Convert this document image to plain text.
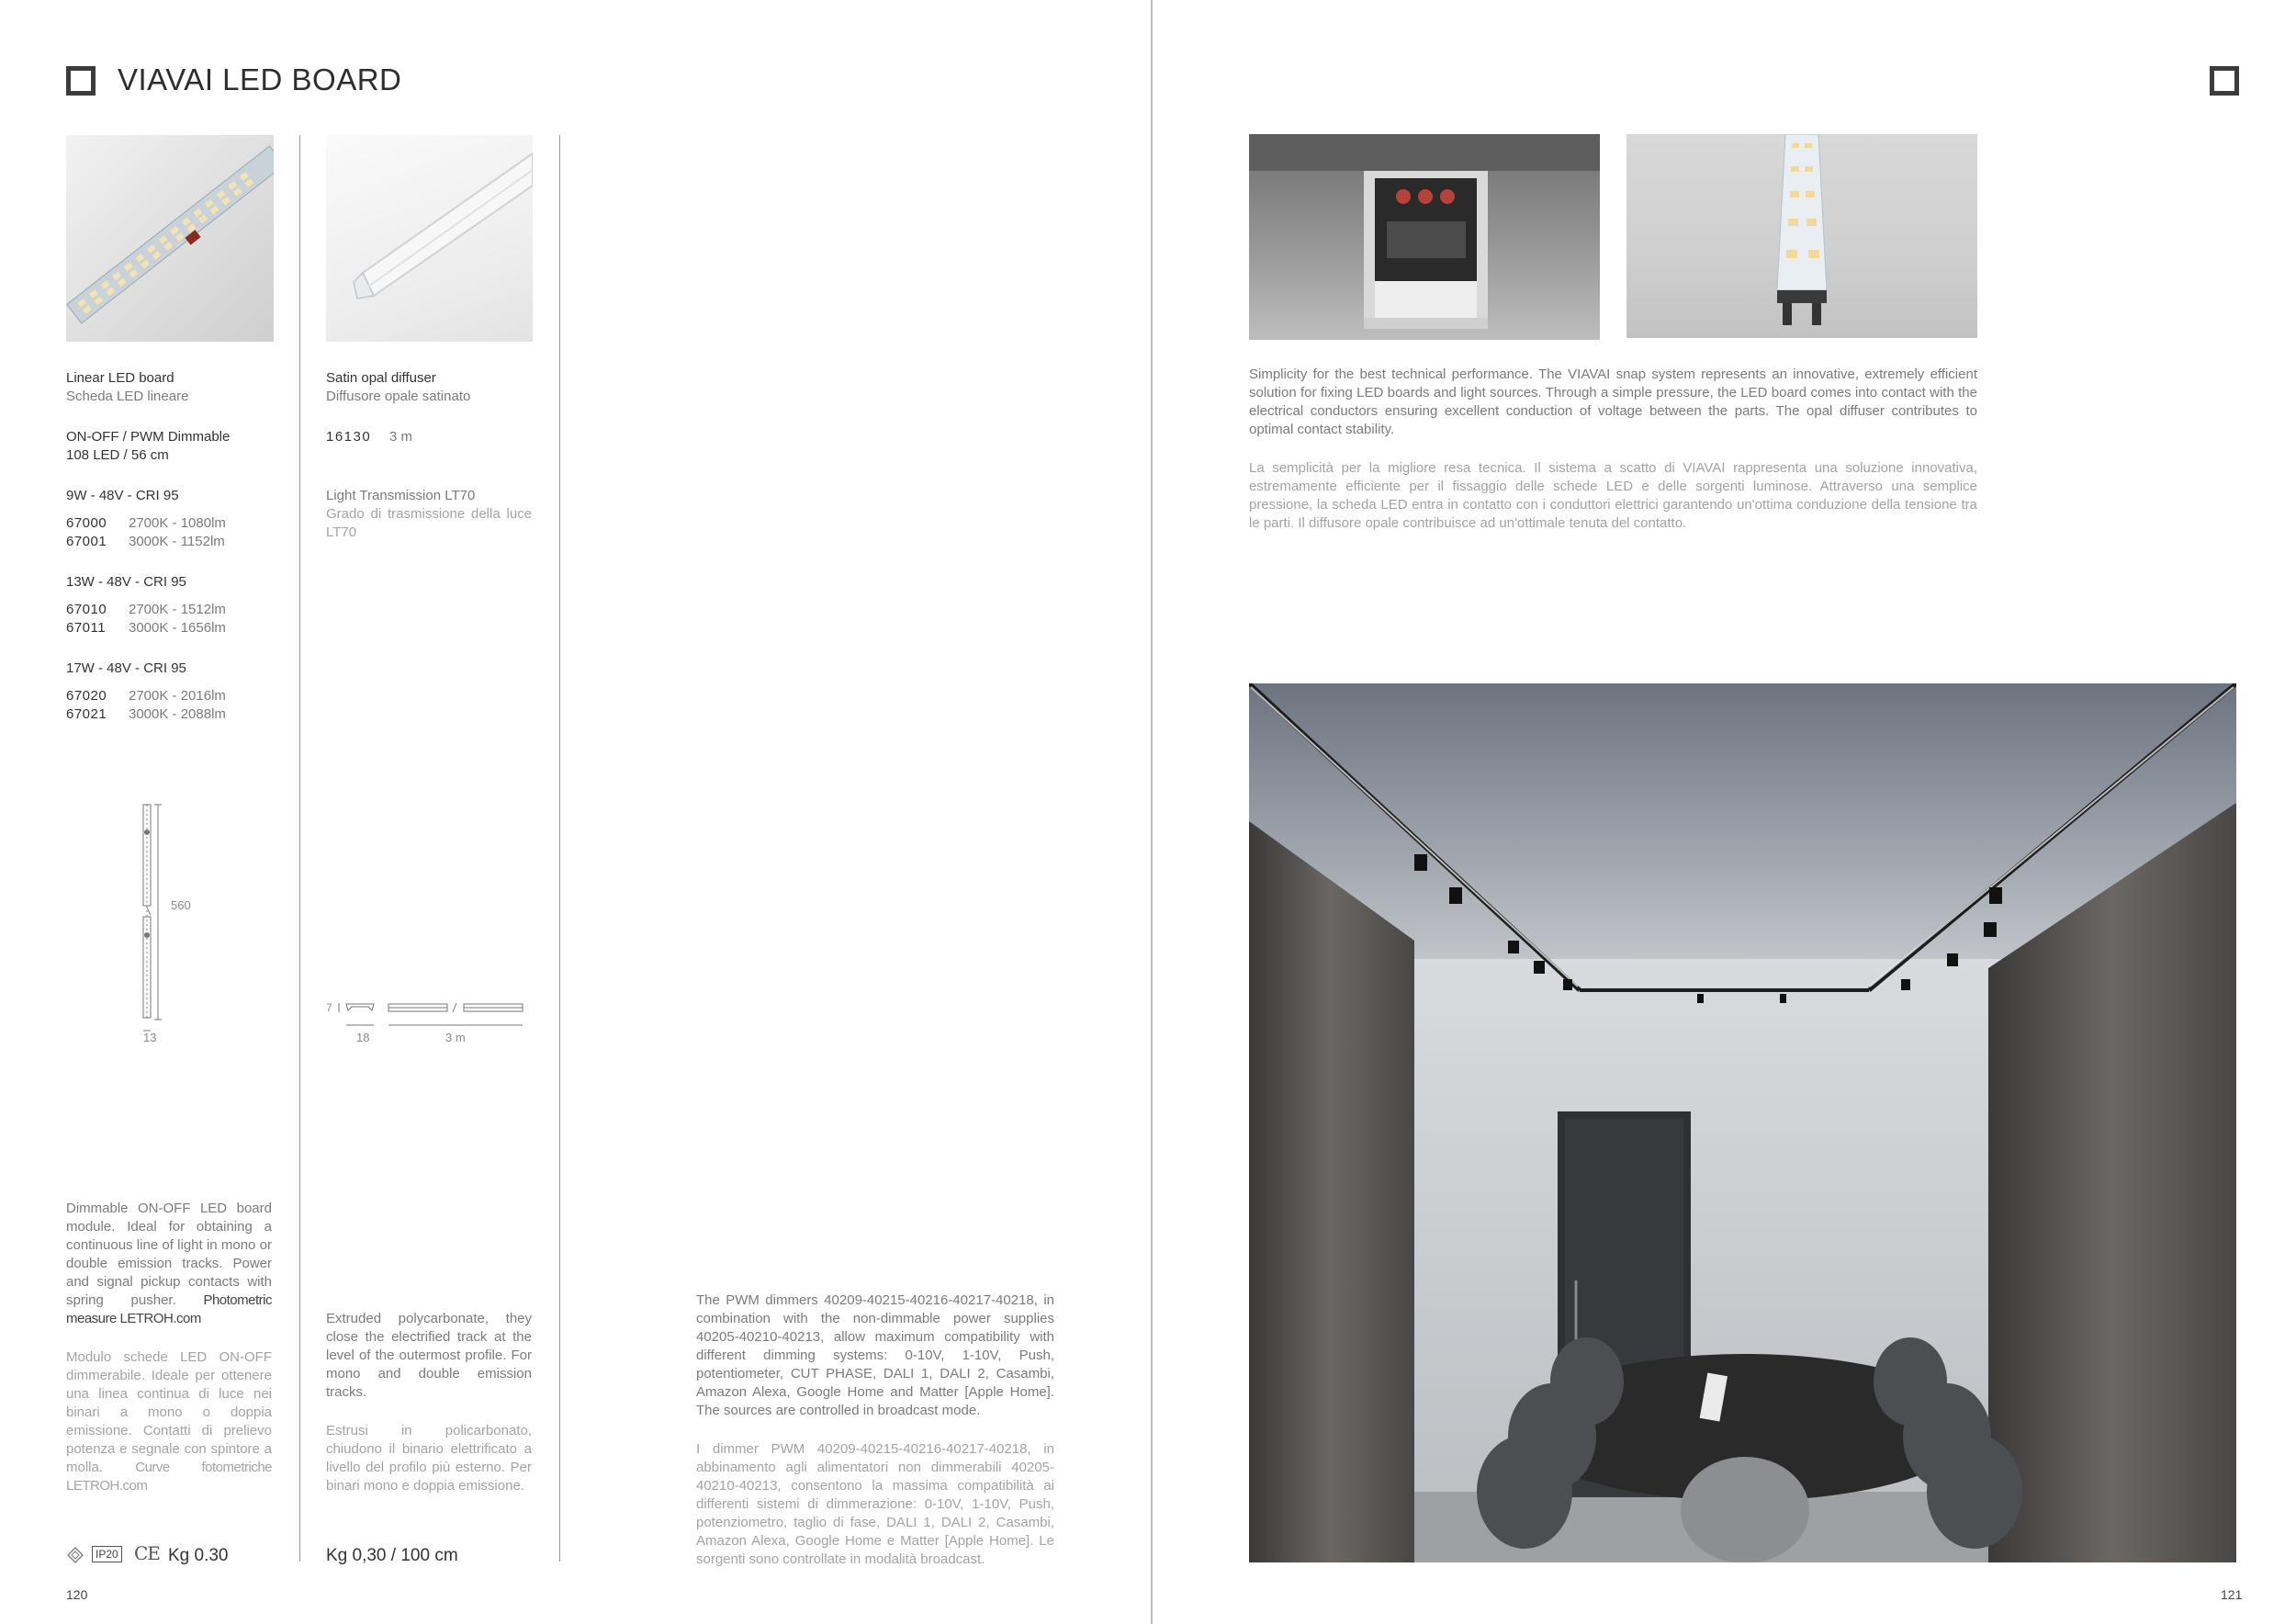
VIAVAI LED BOARD
Linear LED board
Scheda LED lineare
ON-OFF / PWM Dimmable
108 LED / 56 cm
9W - 48V - CRI 95
67000	2700K - 1080lm
67001	3000K - 1152lm
13W - 48V - CRI 95
67010	2700K - 1512lm
67011	3000K - 1656lm
17W - 48V - CRI 95
67020	2700K - 2016lm
67021	3000K - 2088lm
560
13
Dimmable ON-OFF LED board module. Ideal for obtaining a continuous line of light in mono or double emission tracks. Power and signal pickup contacts with spring pusher. Photometric measure LETROH.com
Modulo schede LED ON-OFF dimmerabile. Ideale per ottenere una linea continua di luce nei binari a mono o doppia emissione. Contatti di prelievo potenza e segnale con spintore a molla. Curve fotometriche LETROH.com
IP20 CE Kg 0.30
Satin opal diffuser
Diffusore opale satinato
16130 3 m
Light Transmission LT70
Grado di trasmissione della luce LT70
7
18	3 m
Extruded polycarbonate, they close the electrified track at the level of the outermost profile. For mono and double emission tracks.
Estrusi in policarbonato, chiudono il binario elettrificato a livello del profilo più esterno. Per binari mono e doppia emissione.
Kg 0,30 / 100 cm
The PWM dimmers 40209-40215-40216-40217-40218, in combination with the non-dimmable power supplies 40205-40210-40213, allow maximum compatibility with different dimming systems: 0-10V, 1-10V, Push, potentiometer, CUT PHASE, DALI 1, DALI 2, Casambi, Amazon Alexa, Google Home and Matter [Apple Home]. The sources are controlled in broadcast mode.
I dimmer PWM 40209-40215-40216-40217-40218, in abbinamento agli alimentatori non dimmerabili 40205-40210-40213, consentono la massima compatibilità ai differenti sistemi di dimmerazione: 0-10V, 1-10V, Push, potenziometro, taglio di fase, DALI 1, DALI 2, Casambi, Amazon Alexa, Google Home e Matter [Apple Home]. Le sorgenti sono controllate in modalità broadcast.
120
Simplicity for the best technical performance. The VIAVAI snap system represents an innovative, extremely efficient solution for fixing LED boards and light sources. Through a simple pressure, the LED board comes into contact with the electrical conductors ensuring excellent conduction of voltage between the parts. The opal diffuser contributes to optimal contact stability.
La semplicità per la migliore resa tecnica. Il sistema a scatto di VIAVAI rappresenta una soluzione innovativa, estremamente efficiente per il fissaggio delle schede LED e delle sorgenti luminose. Attraverso una semplice pressione, la scheda LED entra in contatto con i conduttori elettrici garantendo un'ottima conduzione della tensione tra le parti. Il diffusore opale contribuisce ad un'ottimale tenuta del contatto.
121
